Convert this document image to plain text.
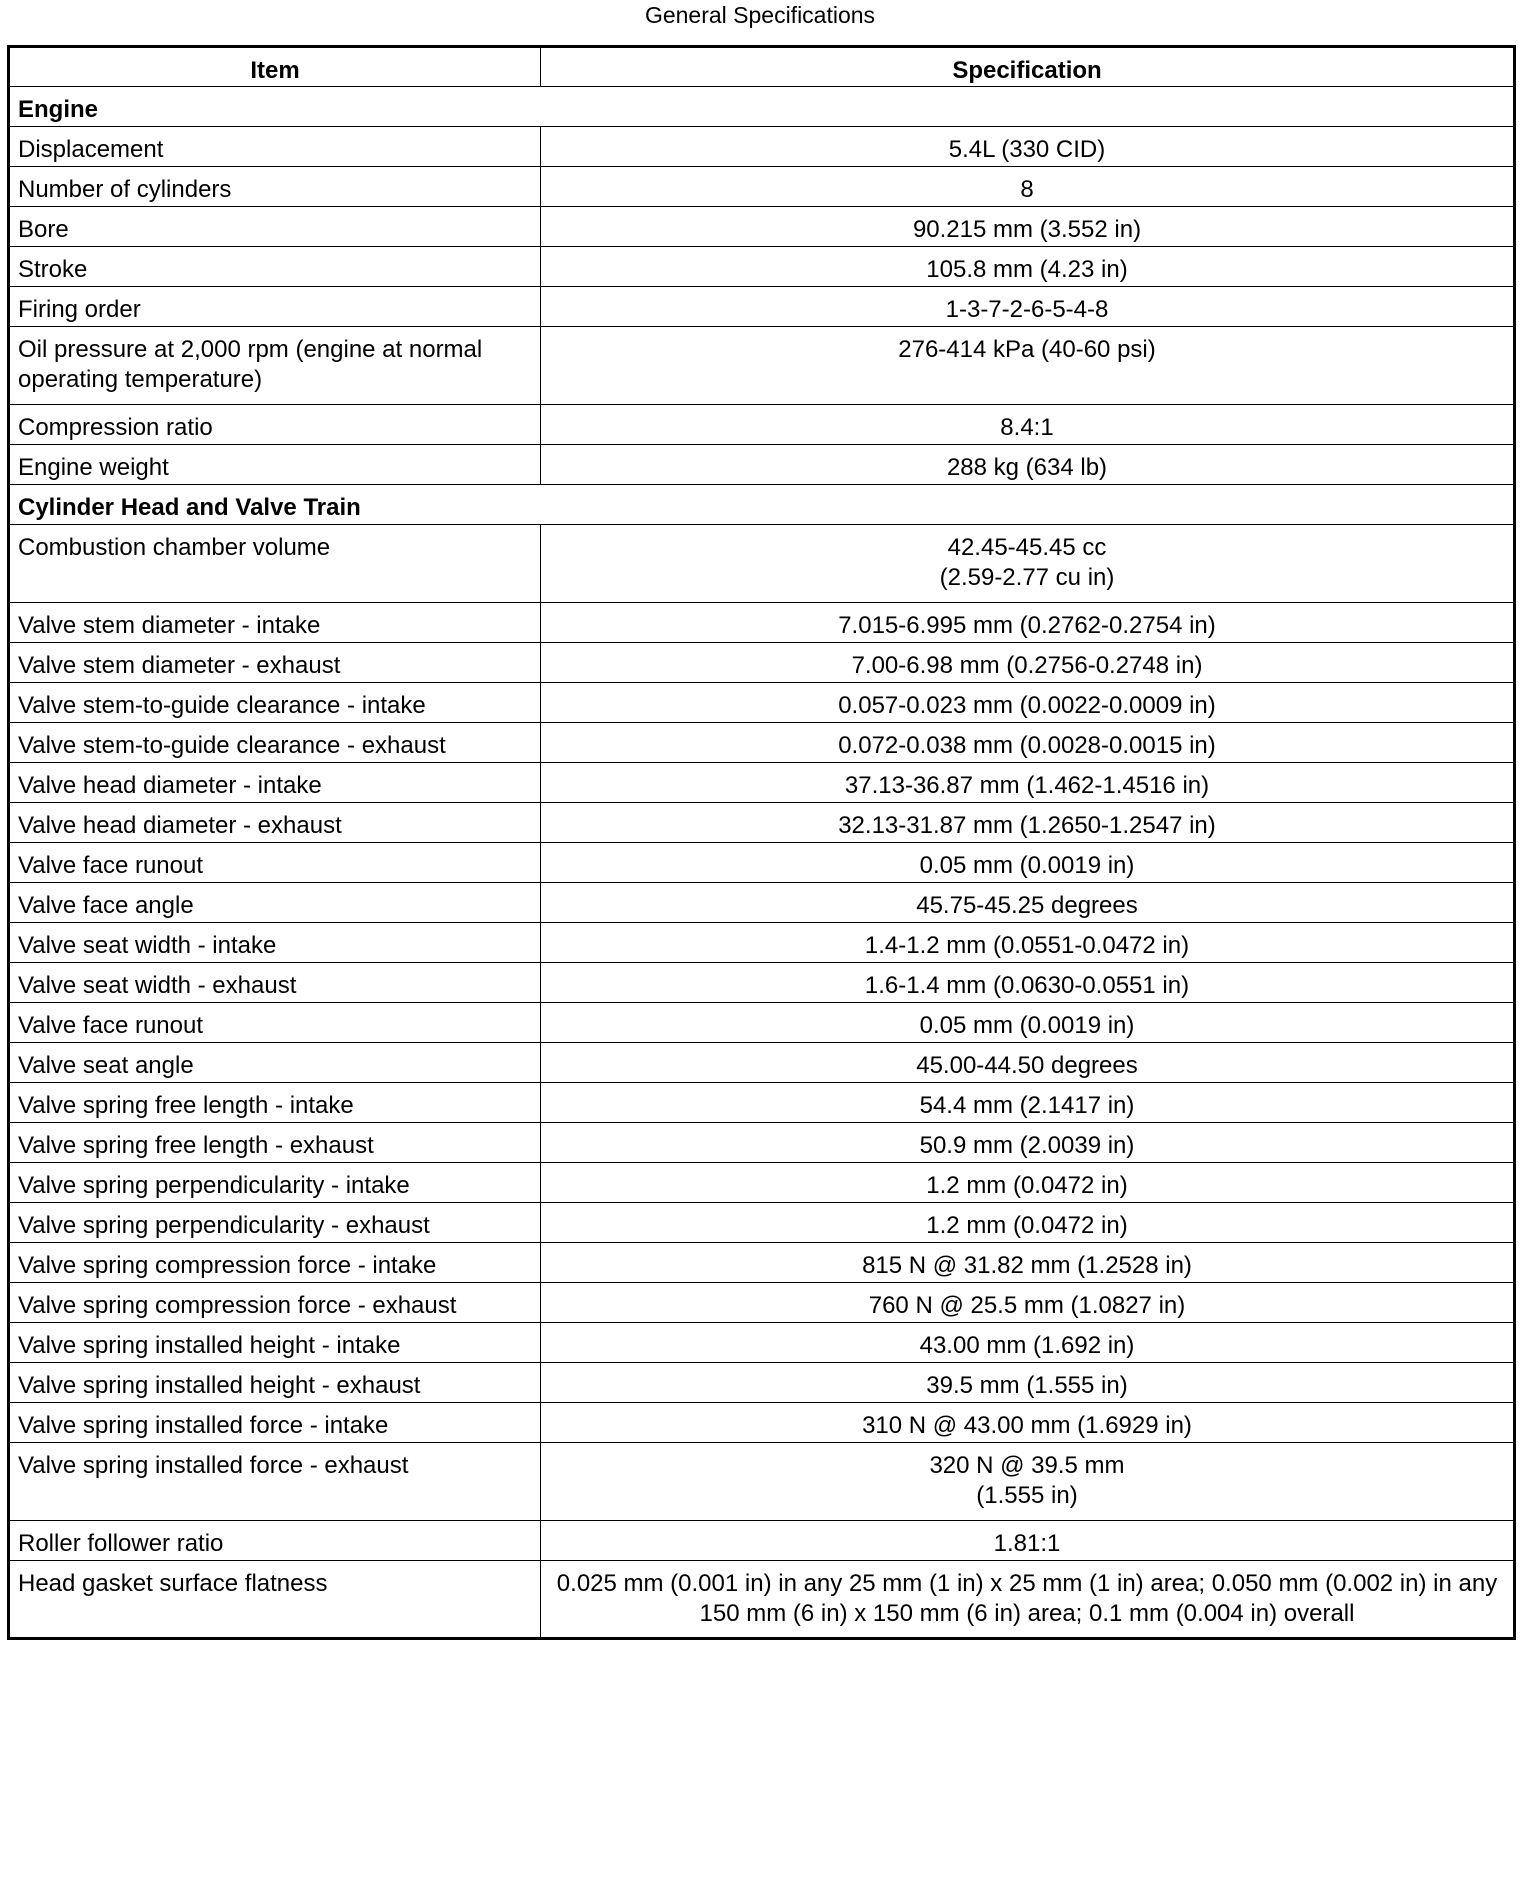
General Specifications
Item	Specification
Engine	
Displacement	5.4L (330 CID)
Number of cylinders	8
Bore	90.215 mm (3.552 in)
Stroke	105.8 mm (4.23 in)
Firing order	1-3-7-2-6-5-4-8
Oil pressure at 2,000 rpm (engine at normal operating temperature)	276-414 kPa (40-60 psi)
Compression ratio	8.4:1
Engine weight	288 kg (634 lb)
Cylinder Head and Valve Train	
Combustion chamber volume	42.45-45.45 cc
(2.59-2.77 cu in)
Valve stem diameter - intake	7.015-6.995 mm (0.2762-0.2754 in)
Valve stem diameter - exhaust	7.00-6.98 mm (0.2756-0.2748 in)
Valve stem-to-guide clearance - intake	0.057-0.023 mm (0.0022-0.0009 in)
Valve stem-to-guide clearance - exhaust	0.072-0.038 mm (0.0028-0.0015 in)
Valve head diameter - intake	37.13-36.87 mm (1.462-1.4516 in)
Valve head diameter - exhaust	32.13-31.87 mm (1.2650-1.2547 in)
Valve face runout	0.05 mm (0.0019 in)
Valve face angle	45.75-45.25 degrees
Valve seat width - intake	1.4-1.2 mm (0.0551-0.0472 in)
Valve seat width - exhaust	1.6-1.4 mm (0.0630-0.0551 in)
Valve face runout	0.05 mm (0.0019 in)
Valve seat angle	45.00-44.50 degrees
Valve spring free length - intake	54.4 mm (2.1417 in)
Valve spring free length - exhaust	50.9 mm (2.0039 in)
Valve spring perpendicularity - intake	1.2 mm (0.0472 in)
Valve spring perpendicularity - exhaust	1.2 mm (0.0472 in)
Valve spring compression force - intake	815 N @ 31.82 mm (1.2528 in)
Valve spring compression force - exhaust	760 N @ 25.5 mm (1.0827 in)
Valve spring installed height - intake	43.00 mm (1.692 in)
Valve spring installed height - exhaust	39.5 mm (1.555 in)
Valve spring installed force - intake	310 N @ 43.00 mm (1.6929 in)
Valve spring installed force - exhaust	320 N @ 39.5 mm
(1.555 in)
Roller follower ratio	1.81:1
Head gasket surface flatness	0.025 mm (0.001 in) in any 25 mm (1 in) x 25 mm (1 in) area; 0.050 mm (0.002 in) in any 150 mm (6 in) x 150 mm (6 in) area; 0.1 mm (0.004 in) overall
